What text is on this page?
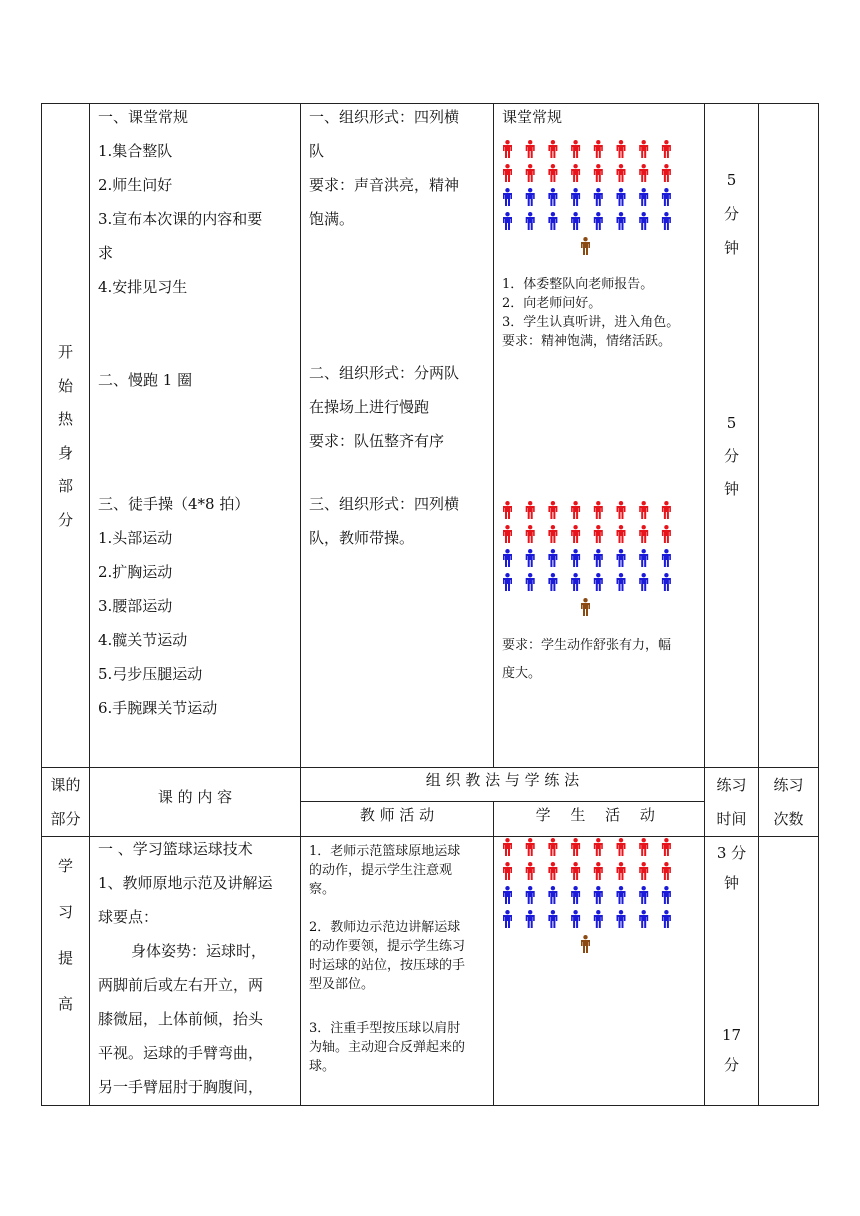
开
始
热
身
部
分
一、课堂常规
1.集合整队
2.师生问好
3.宣布本次课的内容和要
求
4.安排见习生
二、慢跑 1 圈
三、徒手操（4*8 拍）
1.头部运动
2.扩胸运动
3.腰部运动
4.髋关节运动
5.弓步压腿运动
6.手腕踝关节运动
一、组织形式：四列横
队
要求：声音洪亮，精神
饱满。
二、组织形式：分两队
在操场上进行慢跑
要求：队伍整齐有序
三、组织形式：四列横
队，教师带操。
课堂常规
1．体委整队向老师报告。
2．向老师问好。
3．学生认真听讲，进入角色。
要求：精神饱满，情绪活跃。
要求：学生动作舒张有力，幅
度大。
5
分
钟
5
分
钟
课的
部分
课 的 内 容
组 织 教 法 与 学 练 法
教 师 活 动	学 生 活 动
练习
时间
练习
次数
学
习
提
高
一 、学习篮球运球技术
1、教师原地示范及讲解运
球要点：
身体姿势：运球时，
两脚前后或左右开立，两
膝微屈，上体前倾，抬头
平视。运球的手臂弯曲，
另一手臂屈肘于胸腹间，
1．老师示范篮球原地运球
的动作，提示学生注意观
察。
2．教师边示范边讲解运球
的动作要领，提示学生练习
时运球的站位，按压球的手
型及部位。
3．注重手型按压球以肩肘
为轴。主动迎合反弹起来的
球。
3 分
钟
17
分
